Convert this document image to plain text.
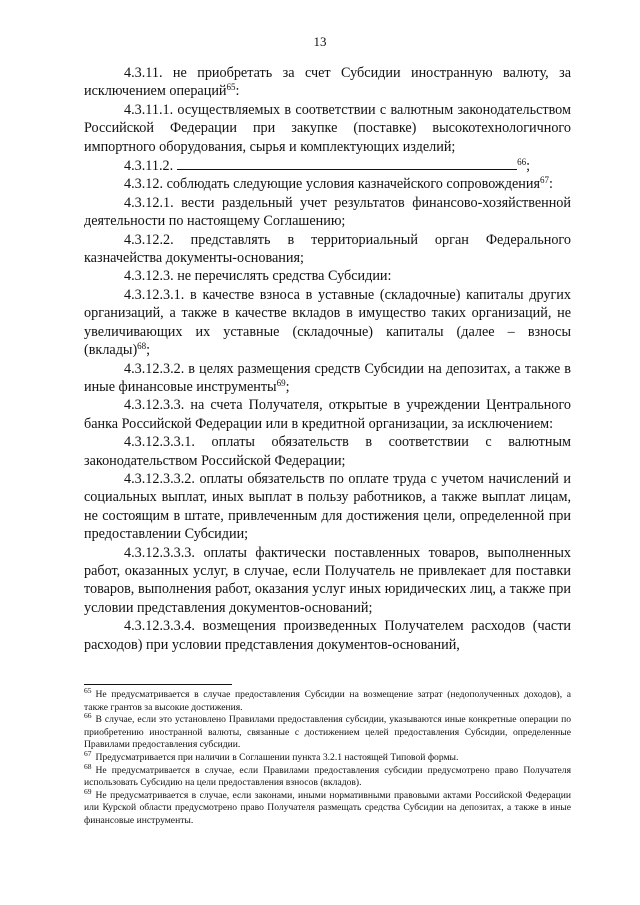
13

4.3.11. не приобретать за счет Субсидии иностранную валюту, за исключением операций$^{65}$:

4.3.11.1. осуществляемых в соответствии с валютным законодательством Российской Федерации при закупке (поставке) высокотехнологичного импортного оборудования, сырья и комплектующих изделий;

4.3.11.2.	$^{66}$;

4.3.12. соблюдать следующие условия казначейского сопровождения$^{67}$:

4.3.12.1. вести раздельный учет результатов финансово-хозяйственной деятельности по настоящему Соглашению;

4.3.12.2. представлять в территориальный орган Федерального казначейства документы-основания;

4.3.12.3. не перечислять средства Субсидии:

4.3.12.3.1. в качестве взноса в уставные (складочные) капиталы других организаций, а также в качестве вкладов в имущество таких организаций, не увеличивающих их уставные (складочные) капиталы (далее – взносы (вклады)$^{68}$;

4.3.12.3.2. в целях размещения средств Субсидии на депозитах, а также в иные финансовые инструменты$^{69}$;

4.3.12.3.3. на счета Получателя, открытые в учреждении Центрального банка Российской Федерации или в кредитной организации, за исключением:

4.3.12.3.3.1. оплаты обязательств в соответствии с валютным законодательством Российской Федерации;

4.3.12.3.3.2. оплаты обязательств по оплате труда с учетом начислений и социальных выплат, иных выплат в пользу работников, а также выплат лицам, не состоящим в штате, привлеченным для достижения цели, определенной при предоставлении Субсидии;

4.3.12.3.3.3. оплаты фактически поставленных товаров, выполненных работ, оказанных услуг, в случае, если Получатель не привлекает для поставки товаров, выполнения работ, оказания услуг иных юридических лиц, а также при условии представления документов-оснований;

4.3.12.3.3.4. возмещения произведенных Получателем расходов (части расходов) при условии представления документов-оснований,

$^{65}$ Не предусматривается в случае предоставления Субсидии на возмещение затрат (недополученных доходов), а также грантов за высокие достижения.

$^{66}$ В случае, если это установлено Правилами предоставления субсидии, указываются иные конкретные операции по приобретению иностранной валюты, связанные с достижением целей предоставления Субсидии, определенные Правилами предоставления субсидии.

$^{67}$ Предусматривается при наличии в Соглашении пункта 3.2.1 настоящей Типовой формы.

$^{68}$ Не предусматривается в случае, если Правилами предоставления субсидии предусмотрено право Получателя использовать Субсидию на цели предоставления взносов (вкладов).

$^{69}$ Не предусматривается в случае, если законами, иными нормативными правовыми актами Российской Федерации или Курской области предусмотрено право Получателя размещать средства Субсидии на депозитах, а также в иные финансовые инструменты.
